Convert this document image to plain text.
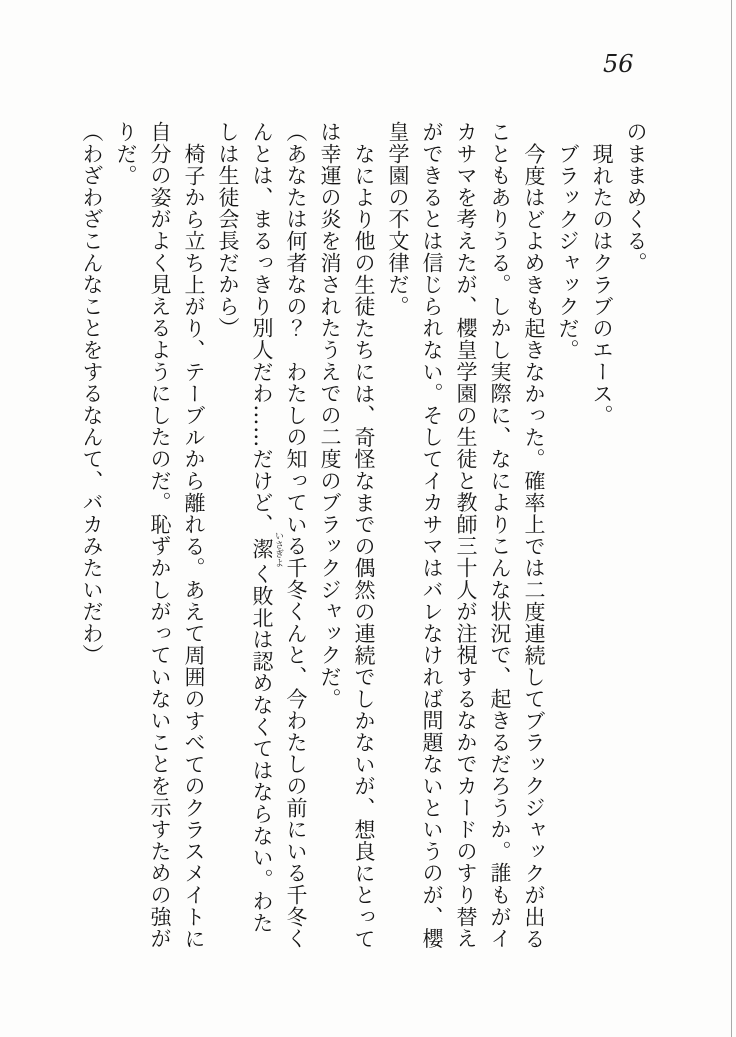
56

のままめくる。

現れたのはクラブのエース。

ブラックジャックだ。

今度はどよめきも起きなかった。確率上では二度連続してブラックジャックが出ることもありうる。しかし実際に、なによりこんな状況で、起きるだろうか。誰もがイカサマを考えたが、櫻皇学園の生徒と教師三十人が注視するなかでカードのすり替えができるとは信じられない。そしてイカサマはバレなければ問題ないというのが、櫻皇学園の不文律だ。

なにより他の生徒たちには、奇怪なまでの偶然の連続でしかないが、想良にとっては幸運の炎を消されたうえでの二度のブラックジャックだ。

（あなたは何者なの？　わたしの知っている千冬くんと、今わたしの前にいる千冬くんとは、まるっきり別人だわ……だけど、潔 いさぎよく敗北は認めなくてはならない。わたしは生徒会長だから）

椅子から立ち上がり、テーブルから離れる。あえて周囲のすべてのクラスメイトに自分の姿がよく見えるようにしたのだ。恥ずかしがっていないことを示すための強がりだ。

（わざわざこんなことをするなんて、バカみたいだわ）
